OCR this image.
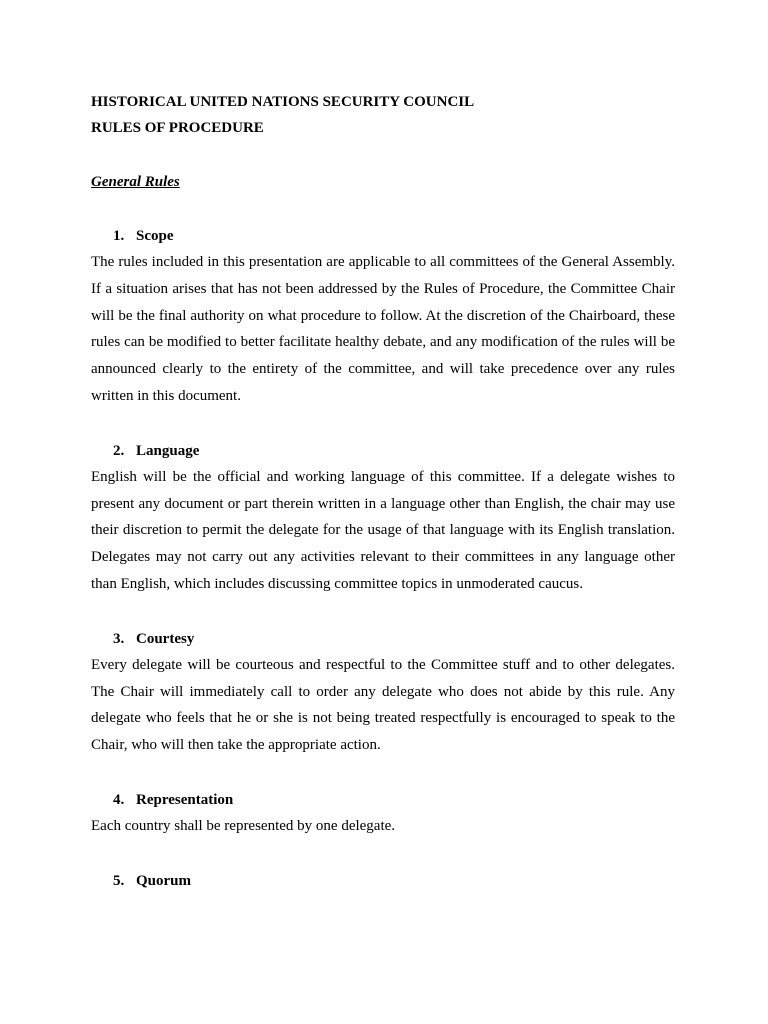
HISTORICAL UNITED NATIONS SECURITY COUNCIL

RULES OF PROCEDURE

General Rules

1. Scope

The rules included in this presentation are applicable to all committees of the General Assembly. If a situation arises that has not been addressed by the Rules of Procedure, the Committee Chair will be the final authority on what procedure to follow. At the discretion of the Chairboard, these rules can be modified to better facilitate healthy debate, and any modification of the rules will be announced clearly to the entirety of the committee, and will take precedence over any rules written in this document.

2. Language

English will be the official and working language of this committee. If a delegate wishes to present any document or part therein written in a language other than English, the chair may use their discretion to permit the delegate for the usage of that language with its English translation. Delegates may not carry out any activities relevant to their committees in any language other than English, which includes discussing committee topics in unmoderated caucus.

3. Courtesy

Every delegate will be courteous and respectful to the Committee stuff and to other delegates. The Chair will immediately call to order any delegate who does not abide by this rule. Any delegate who feels that he or she is not being treated respectfully is encouraged to speak to the Chair, who will then take the appropriate action.

4. Representation

Each country shall be represented by one delegate.

5. Quorum
